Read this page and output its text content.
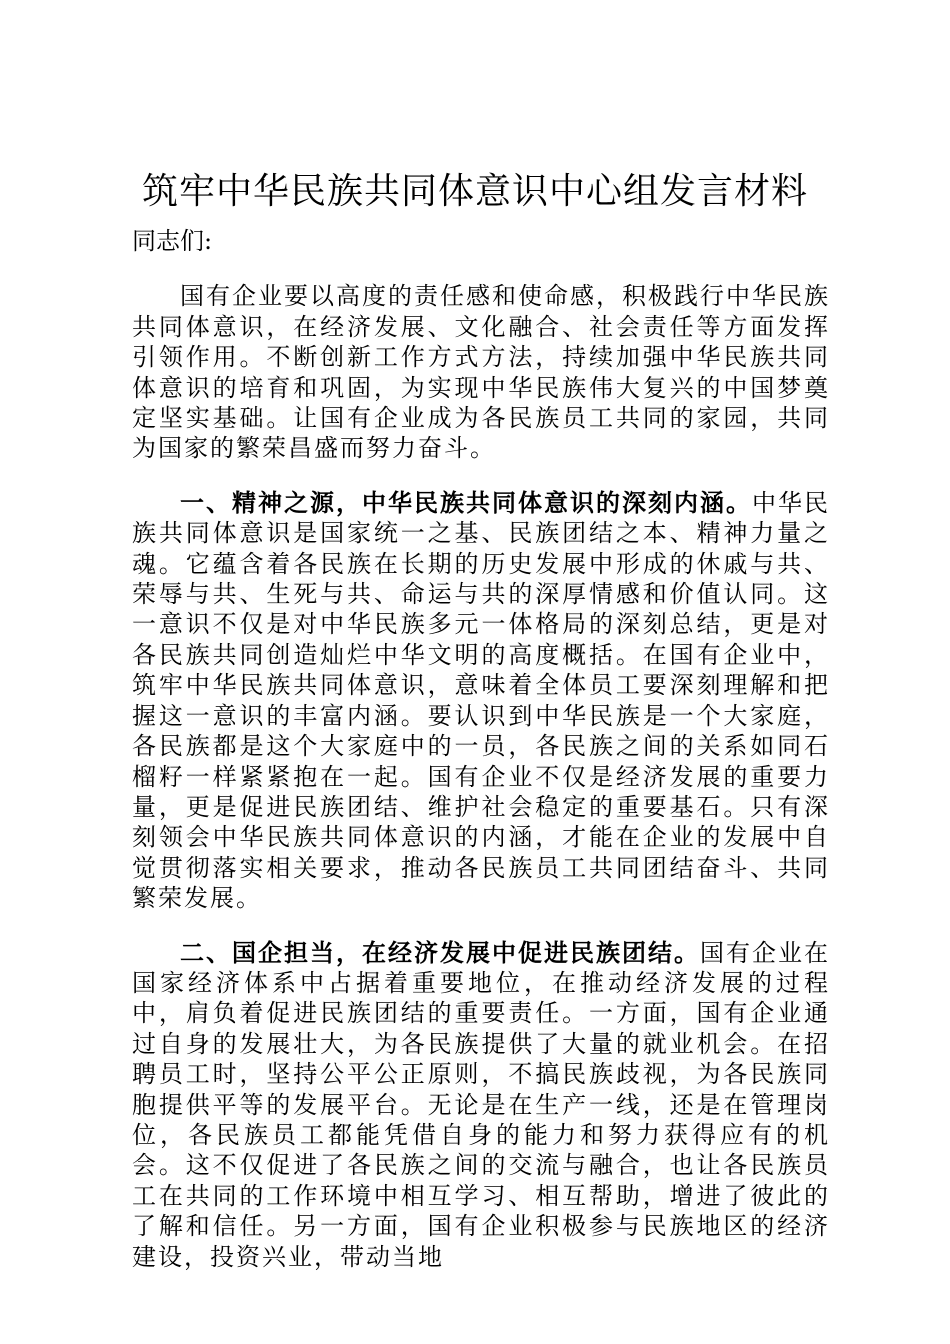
筑牢中华民族共同体意识中心组发言材料

同志们:

国有企业要以高度的责任感和使命感，积极践行中华民族共同体意识，在经济发展、文化融合、社会责任等方面发挥引领作用。不断创新工作方式方法，持续加强中华民族共同体意识的培育和巩固，为实现中华民族伟大复兴的中国梦奠定坚实基础。让国有企业成为各民族员工共同的家园，共同为国家的繁荣昌盛而努力奋斗。

一、精神之源，中华民族共同体意识的深刻内涵。中华民族共同体意识是国家统一之基、民族团结之本、精神力量之魂。它蕴含着各民族在长期的历史发展中形成的休戚与共、荣辱与共、生死与共、命运与共的深厚情感和价值认同。这一意识不仅是对中华民族多元一体格局的深刻总结，更是对各民族共同创造灿烂中华文明的高度概括。在国有企业中，筑牢中华民族共同体意识，意味着全体员工要深刻理解和把握这一意识的丰富内涵。要认识到中华民族是一个大家庭，各民族都是这个大家庭中的一员，各民族之间的关系如同石榴籽一样紧紧抱在一起。国有企业不仅是经济发展的重要力量，更是促进民族团结、维护社会稳定的重要基石。只有深刻领会中华民族共同体意识的内涵，才能在企业的发展中自觉贯彻落实相关要求，推动各民族员工共同团结奋斗、共同繁荣发展。

二、国企担当，在经济发展中促进民族团结。国有企业在国家经济体系中占据着重要地位，在推动经济发展的过程中，肩负着促进民族团结的重要责任。一方面，国有企业通过自身的发展壮大，为各民族提供了大量的就业机会。在招聘员工时，坚持公平公正原则，不搞民族歧视，为各民族同胞提供平等的发展平台。无论是在生产一线，还是在管理岗位，各民族员工都能凭借自身的能力和努力获得应有的机会。这不仅促进了各民族之间的交流与融合，也让各民族员工在共同的工作环境中相互学习、相互帮助，增进了彼此的了解和信任。另一方面，国有企业积极参与民族地区的经济建设，投资兴业，带动当地
